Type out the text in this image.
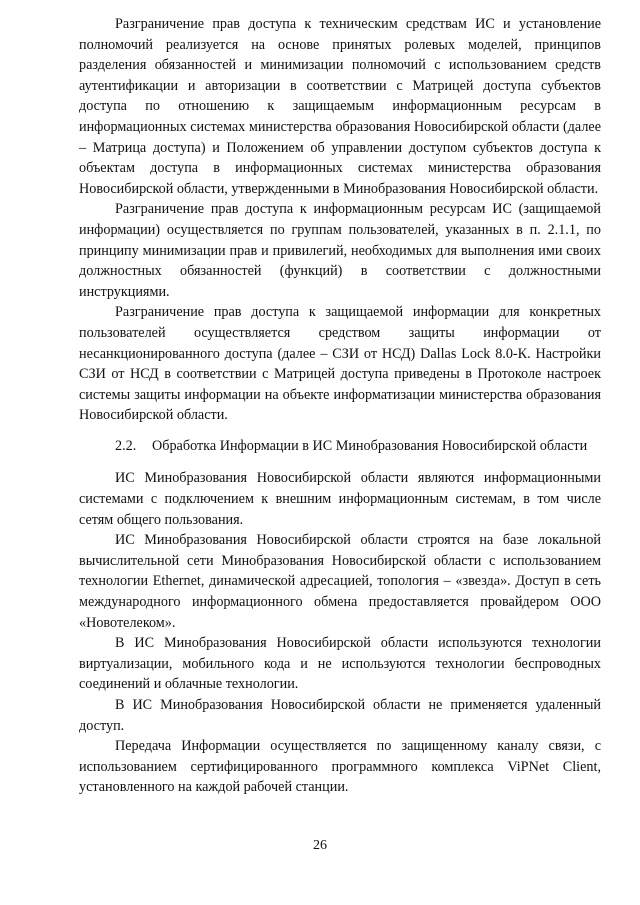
Разграничение прав доступа к техническим средствам ИС и установление полномочий реализуется на основе принятых ролевых моделей, принципов разделения обязанностей и минимизации полномочий с использованием средств аутентификации и авторизации в соответствии с Матрицей доступа субъектов доступа по отношению к защищаемым информационным ресурсам в информационных системах министерства образования Новосибирской области (далее – Матрица доступа) и Положением об управлении доступом субъектов доступа к объектам доступа в информационных системах министерства образования Новосибирской области, утвержденными в Минобразования Новосибирской области.

Разграничение прав доступа к информационным ресурсам ИС (защищаемой информации) осуществляется по группам пользователей, указанных в п. 2.1.1, по принципу минимизации прав и привилегий, необходимых для выполнения ими своих должностных обязанностей (функций) в соответствии с должностными инструкциями.

Разграничение прав доступа к защищаемой информации для конкретных пользователей осуществляется средством защиты информации от несанкционированного доступа (далее – СЗИ от НСД) Dallas Lock 8.0-К. Настройки СЗИ от НСД в соответствии с Матрицей доступа приведены в Протоколе настроек системы защиты информации на объекте информатизации министерства образования Новосибирской области.

2.2.	Обработка Информации в ИС Минобразования Новосибирской области

ИС Минобразования Новосибирской области являются информационными системами с подключением к внешним информационным системам, в том числе сетям общего пользования.

ИС Минобразования Новосибирской области строятся на базе локальной вычислительной сети Минобразования Новосибирской области с использованием технологии Ethernet, динамической адресацией, топология – «звезда». Доступ в сеть международного информационного обмена предоставляется провайдером ООО «Новотелеком».

В ИС Минобразования Новосибирской области используются технологии виртуализации, мобильного кода и не используются технологии беспроводных соединений и облачные технологии.

В ИС Минобразования Новосибирской области не применяется удаленный доступ.

Передача Информации осуществляется по защищенному каналу связи, с использованием сертифицированного программного комплекса ViPNet Client, установленного на каждой рабочей станции.

26
